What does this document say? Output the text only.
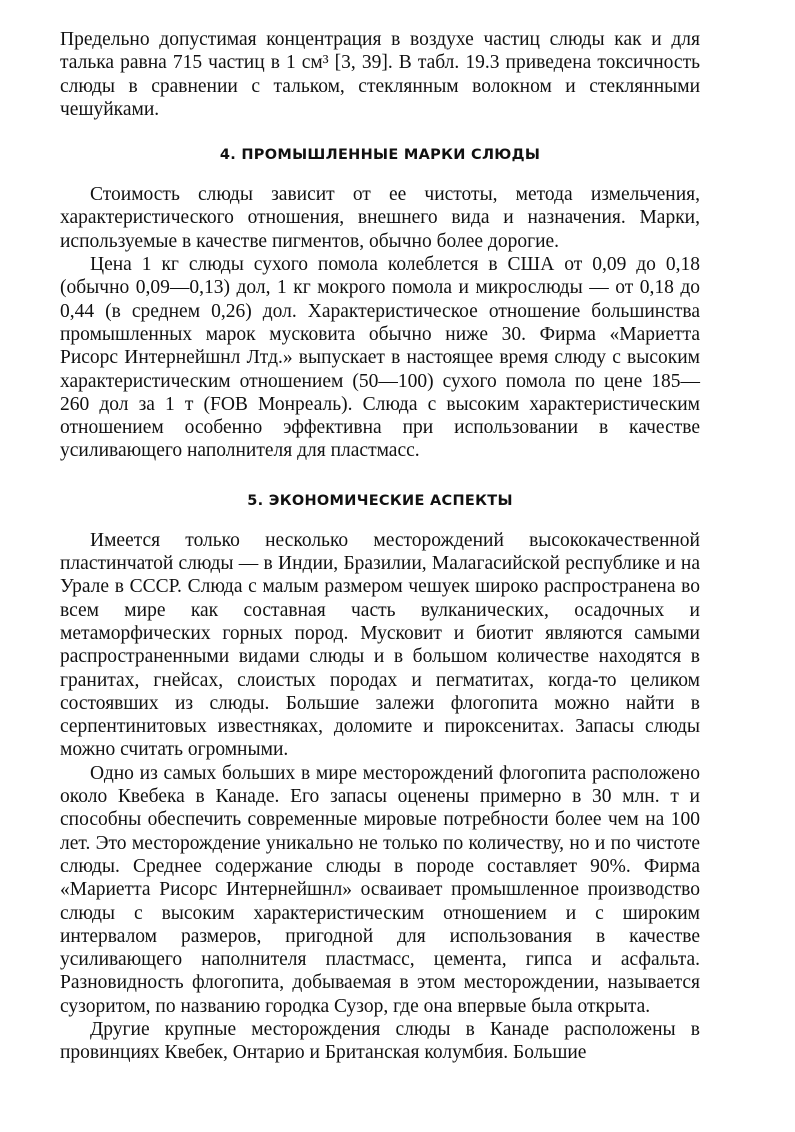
Предельно допустимая концентрация в воздухе частиц слюды как и для талька равна 715 частиц в 1 см³ [3, 39]. В табл. 19.3 приведена токсичность слюды в сравнении с тальком, стеклянным волокном и стеклянными чешуйками.

4. ПРОМЫШЛЕННЫЕ МАРКИ СЛЮДЫ

Стоимость слюды зависит от ее чистоты, метода измельчения, характеристического отношения, внешнего вида и назначения. Марки, используемые в качестве пигментов, обычно более дорогие.

Цена 1 кг слюды сухого помола колеблется в США от 0,09 до 0,18 (обычно 0,09—0,13) дол, 1 кг мокрого помола и микрослюды — от 0,18 до 0,44 (в среднем 0,26) дол. Характеристическое отношение большинства промышленных марок мусковита обычно ниже 30. Фирма «Мариетта Рисорс Интернейшнл Лтд.» выпускает в настоящее время слюду с высоким характеристическим отношением (50—100) сухого помола по цене 185—260 дол за 1 т (FOB Монреаль). Слюда с высоким характеристическим отношением особенно эффективна при использовании в качестве усиливающего наполнителя для пластмасс.

5. ЭКОНОМИЧЕСКИЕ АСПЕКТЫ

Имеется только несколько месторождений высококачественной пластинчатой слюды — в Индии, Бразилии, Малагасийской республике и на Урале в СССР. Слюда с малым размером чешуек широко распространена во всем мире как составная часть вулканических, осадочных и метаморфических горных пород. Мусковит и биотит являются самыми распространенными видами слюды и в большом количестве находятся в гранитах, гнейсах, слоистых породах и пегматитах, когда-то целиком состоявших из слюды. Большие залежи флогопита можно найти в серпентинитовых известняках, доломите и пироксенитах. Запасы слюды можно считать огромными.

Одно из самых больших в мире месторождений флогопита расположено около Квебека в Канаде. Его запасы оценены примерно в 30 млн. т и способны обеспечить современные мировые потребности более чем на 100 лет. Это месторождение уникально не только по количеству, но и по чистоте слюды. Среднее содержание слюды в породе составляет 90%. Фирма «Мариетта Рисорс Интернейшнл» осваивает промышленное производство слюды с высоким характеристическим отношением и с широким интервалом размеров, пригодной для использования в качестве усиливающего наполнителя пластмасс, цемента, гипса и асфальта. Разновидность флогопита, добываемая в этом месторождении, называется сузоритом, по названию городка Сузор, где она впервые была открыта.

Другие крупные месторождения слюды в Канаде расположены в провинциях Квебек, Онтарио и Британская колумбия. Большие
